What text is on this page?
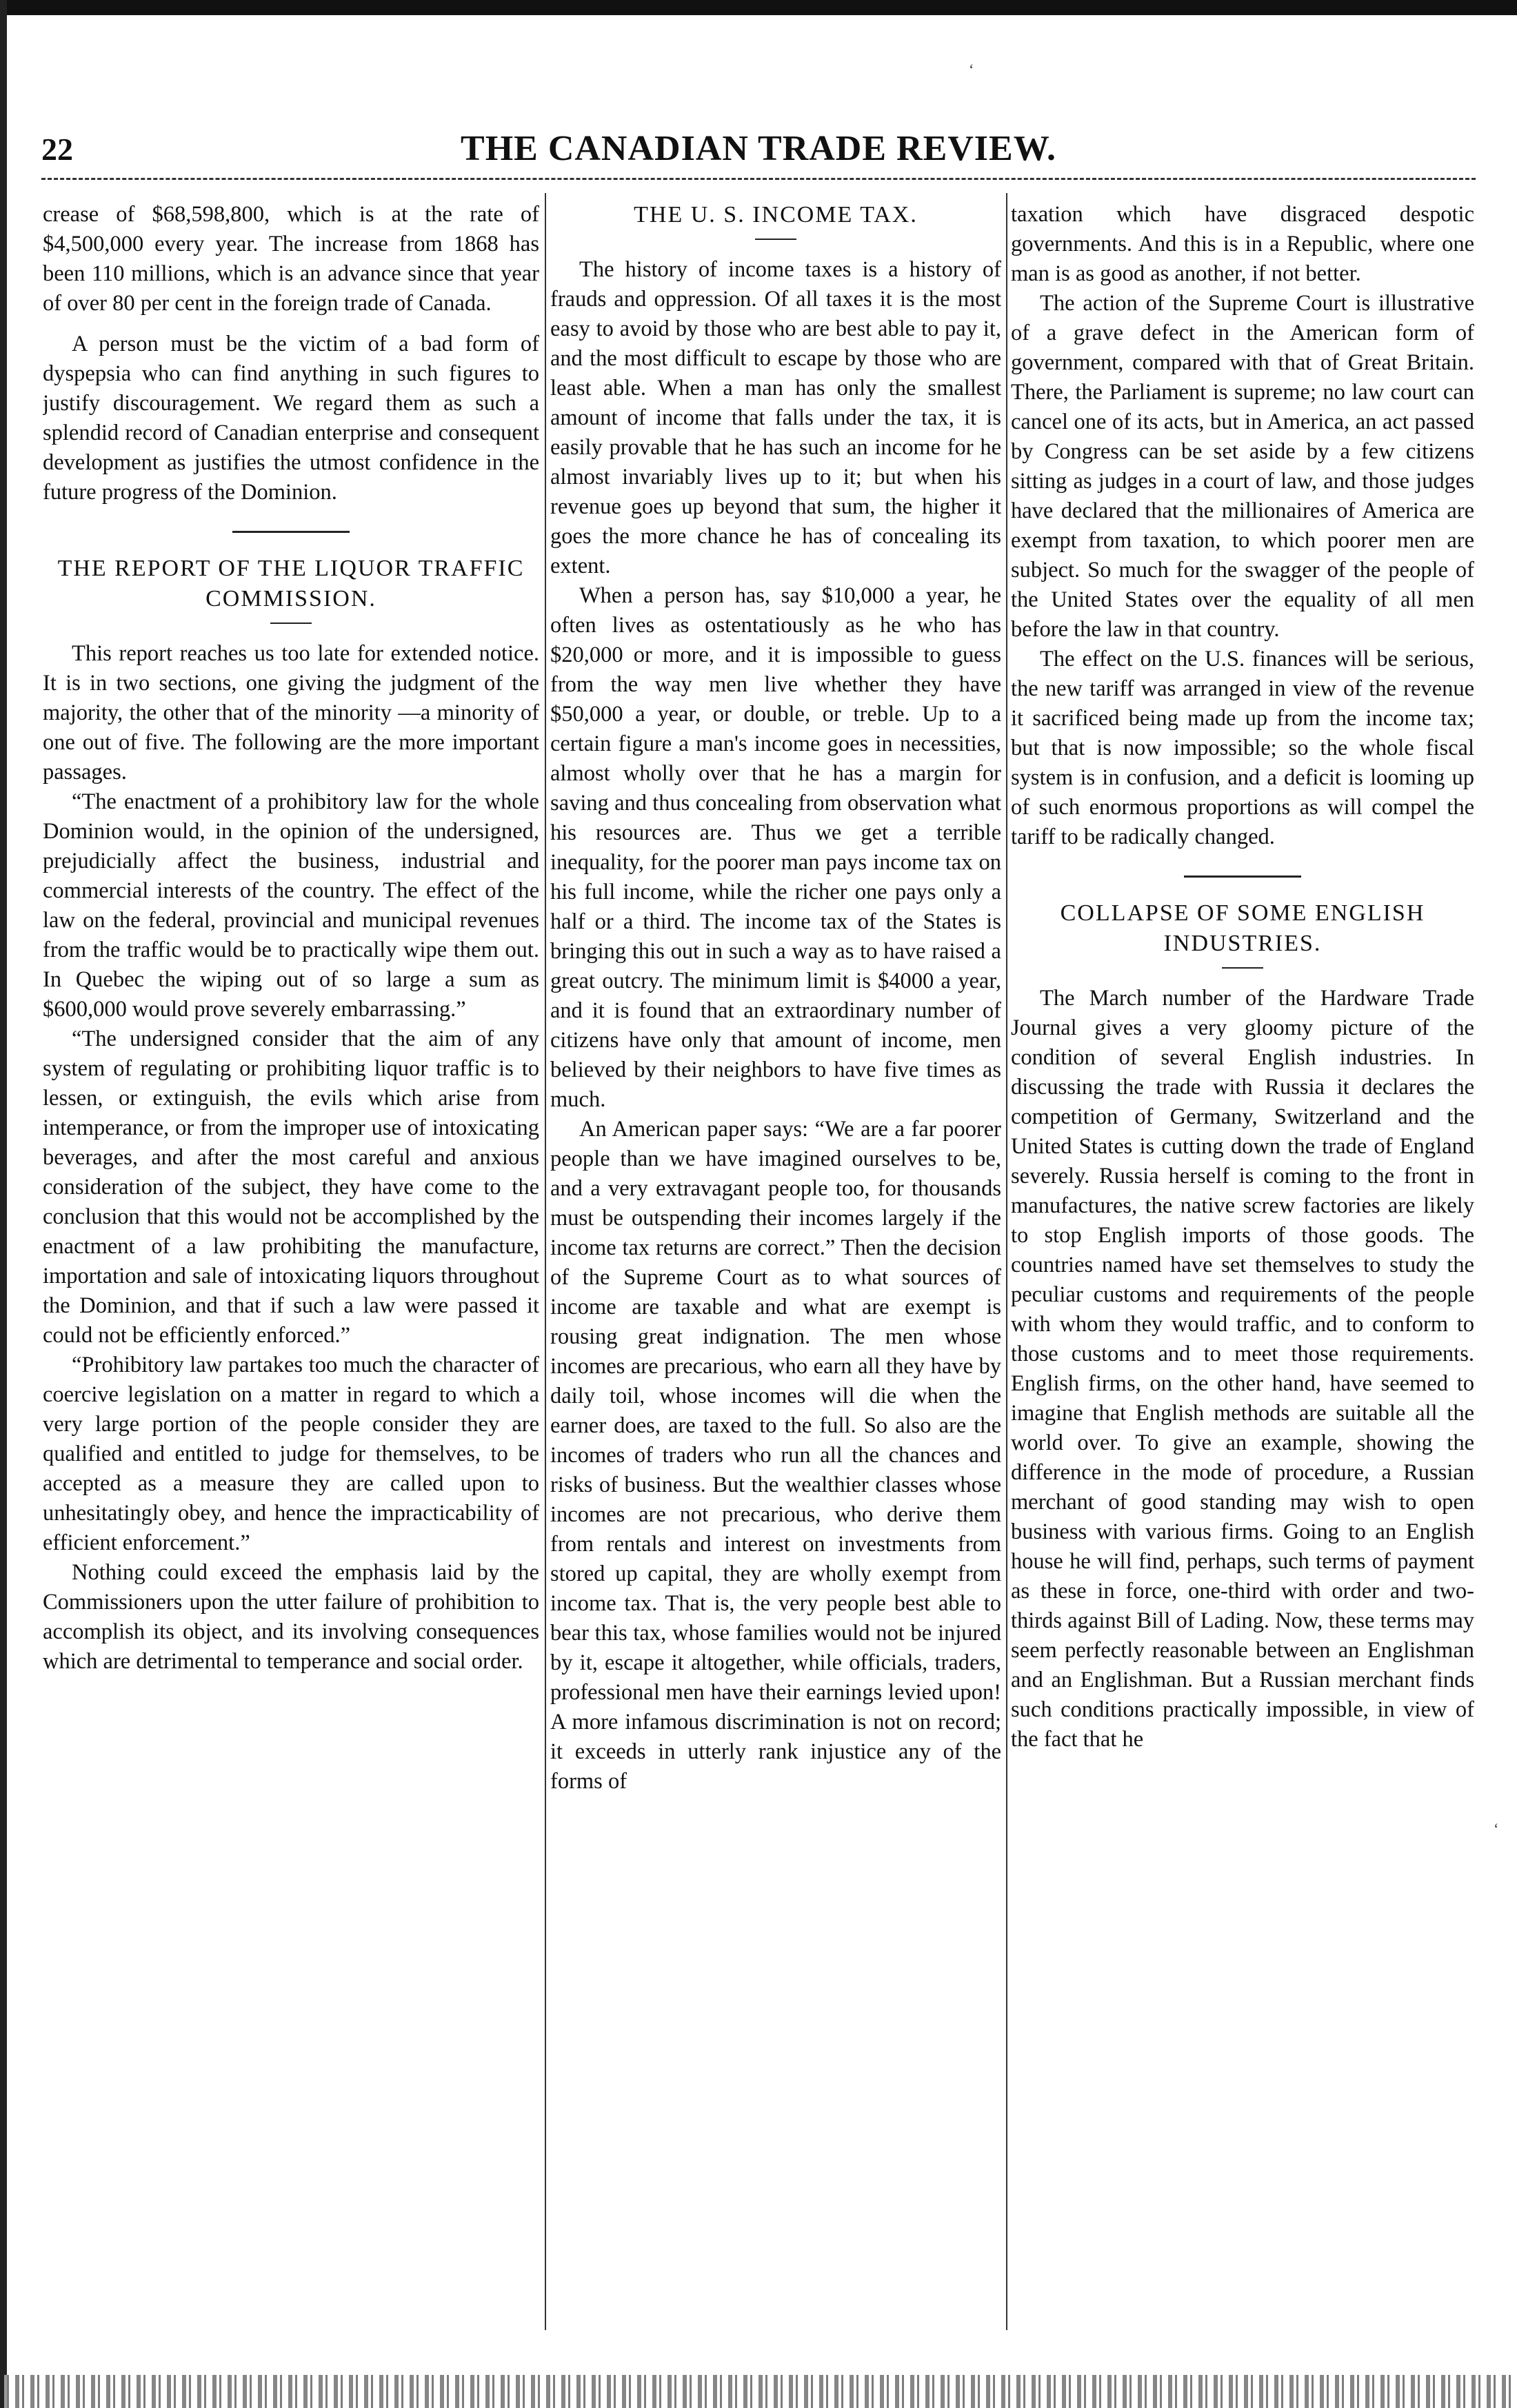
‘
‘
22	THE CANADIAN TRADE REVIEW.

crease of $68,598,800, which is at the rate of $4,500,000 every year. The increase from 1868 has been 110 millions, which is an advance since that year of over 80 per cent in the foreign trade of Canada.

A person must be the victim of a bad form of dyspepsia who can find anything in such figures to justify discouragement. We regard them as such a splendid record of Canadian enterprise and consequent development as justifies the utmost confidence in the future progress of the Dominion.

THE REPORT OF THE LIQUOR TRAFFIC COMMISSION.

This report reaches us too late for extended notice. It is in two sections, one giving the judgment of the majority, the other that of the minority —a minority of one out of five. The following are the more important passages.

“The enactment of a prohibitory law for the whole Dominion would, in the opinion of the undersigned, prejudicially affect the business, industrial and commercial interests of the country. The effect of the law on the federal, provincial and municipal revenues from the traffic would be to practically wipe them out. In Quebec the wiping out of so large a sum as $600,000 would prove severely embarrassing.”

“The undersigned consider that the aim of any system of regulating or prohibiting liquor traffic is to lessen, or extinguish, the evils which arise from intemperance, or from the improper use of intoxicating beverages, and after the most careful and anxious consideration of the subject, they have come to the conclusion that this would not be accomplished by the enactment of a law prohibiting the manufacture, importation and sale of intoxicating liquors throughout the Dominion, and that if such a law were passed it could not be efficiently enforced.”

“Prohibitory law partakes too much the character of coercive legislation on a matter in regard to which a very large portion of the people consider they are qualified and entitled to judge for themselves, to be accepted as a measure they are called upon to unhesitatingly obey, and hence the impracticability of efficient enforcement.”

Nothing could exceed the emphasis laid by the Commissioners upon the utter failure of prohibition to accomplish its object, and its involving consequences which are detrimental to temperance and social order.

THE U. S. INCOME TAX.

The history of income taxes is a history of frauds and oppression. Of all taxes it is the most easy to avoid by those who are best able to pay it, and the most difficult to escape by those who are least able. When a man has only the smallest amount of income that falls under the tax, it is easily provable that he has such an income for he almost invariably lives up to it; but when his revenue goes up beyond that sum, the higher it goes the more chance he has of concealing its extent.

When a person has, say $10,000 a year, he often lives as ostentatiously as he who has $20,000 or more, and it is impossible to guess from the way men live whether they have $50,000 a year, or double, or treble. Up to a certain figure a man's income goes in necessities, almost wholly over that he has a margin for saving and thus concealing from observation what his resources are. Thus we get a terrible inequality, for the poorer man pays income tax on his full income, while the richer one pays only a half or a third. The income tax of the States is bringing this out in such a way as to have raised a great outcry. The minimum limit is $4000 a year, and it is found that an extraordinary number of citizens have only that amount of income, men believed by their neighbors to have five times as much.

An American paper says: “We are a far poorer people than we have imagined ourselves to be, and a very extravagant people too, for thousands must be outspending their incomes largely if the income tax returns are correct.” Then the decision of the Supreme Court as to what sources of income are taxable and what are exempt is rousing great indignation. The men whose incomes are precarious, who earn all they have by daily toil, whose incomes will die when the earner does, are taxed to the full. So also are the incomes of traders who run all the chances and risks of business. But the wealthier classes whose incomes are not precarious, who derive them from rentals and interest on investments from stored up capital, they are wholly exempt from income tax. That is, the very people best able to bear this tax, whose families would not be injured by it, escape it altogether, while officials, traders, professional men have their earnings levied upon! A more infamous discrimination is not on record; it exceeds in utterly rank injustice any of the forms of

taxation which have disgraced despotic governments. And this is in a Republic, where one man is as good as another, if not better.

The action of the Supreme Court is illustrative of a grave defect in the American form of government, compared with that of Great Britain. There, the Parliament is supreme; no law court can cancel one of its acts, but in America, an act passed by Congress can be set aside by a few citizens sitting as judges in a court of law, and those judges have declared that the millionaires of America are exempt from taxation, to which poorer men are subject. So much for the swagger of the people of the United States over the equality of all men before the law in that country.

The effect on the U.S. finances will be serious, the new tariff was arranged in view of the revenue it sacrificed being made up from the income tax; but that is now impossible; so the whole fiscal system is in confusion, and a deficit is looming up of such enormous proportions as will compel the tariff to be radically changed.

COLLAPSE OF SOME ENGLISH INDUSTRIES.

The March number of the Hardware Trade Journal gives a very gloomy picture of the condition of several English industries. In discussing the trade with Russia it declares the competition of Germany, Switzerland and the United States is cutting down the trade of England severely. Russia herself is coming to the front in manufactures, the native screw factories are likely to stop English imports of those goods. The countries named have set themselves to study the peculiar customs and requirements of the people with whom they would traffic, and to conform to those customs and to meet those requirements. English firms, on the other hand, have seemed to imagine that English methods are suitable all the world over. To give an example, showing the difference in the mode of procedure, a Russian merchant of good standing may wish to open business with various firms. Going to an English house he will find, perhaps, such terms of payment as these in force, one-third with order and two-thirds against Bill of Lading. Now, these terms may seem perfectly reasonable between an Englishman and an Englishman. But a Russian merchant finds such conditions practically impossible, in view of the fact that he
